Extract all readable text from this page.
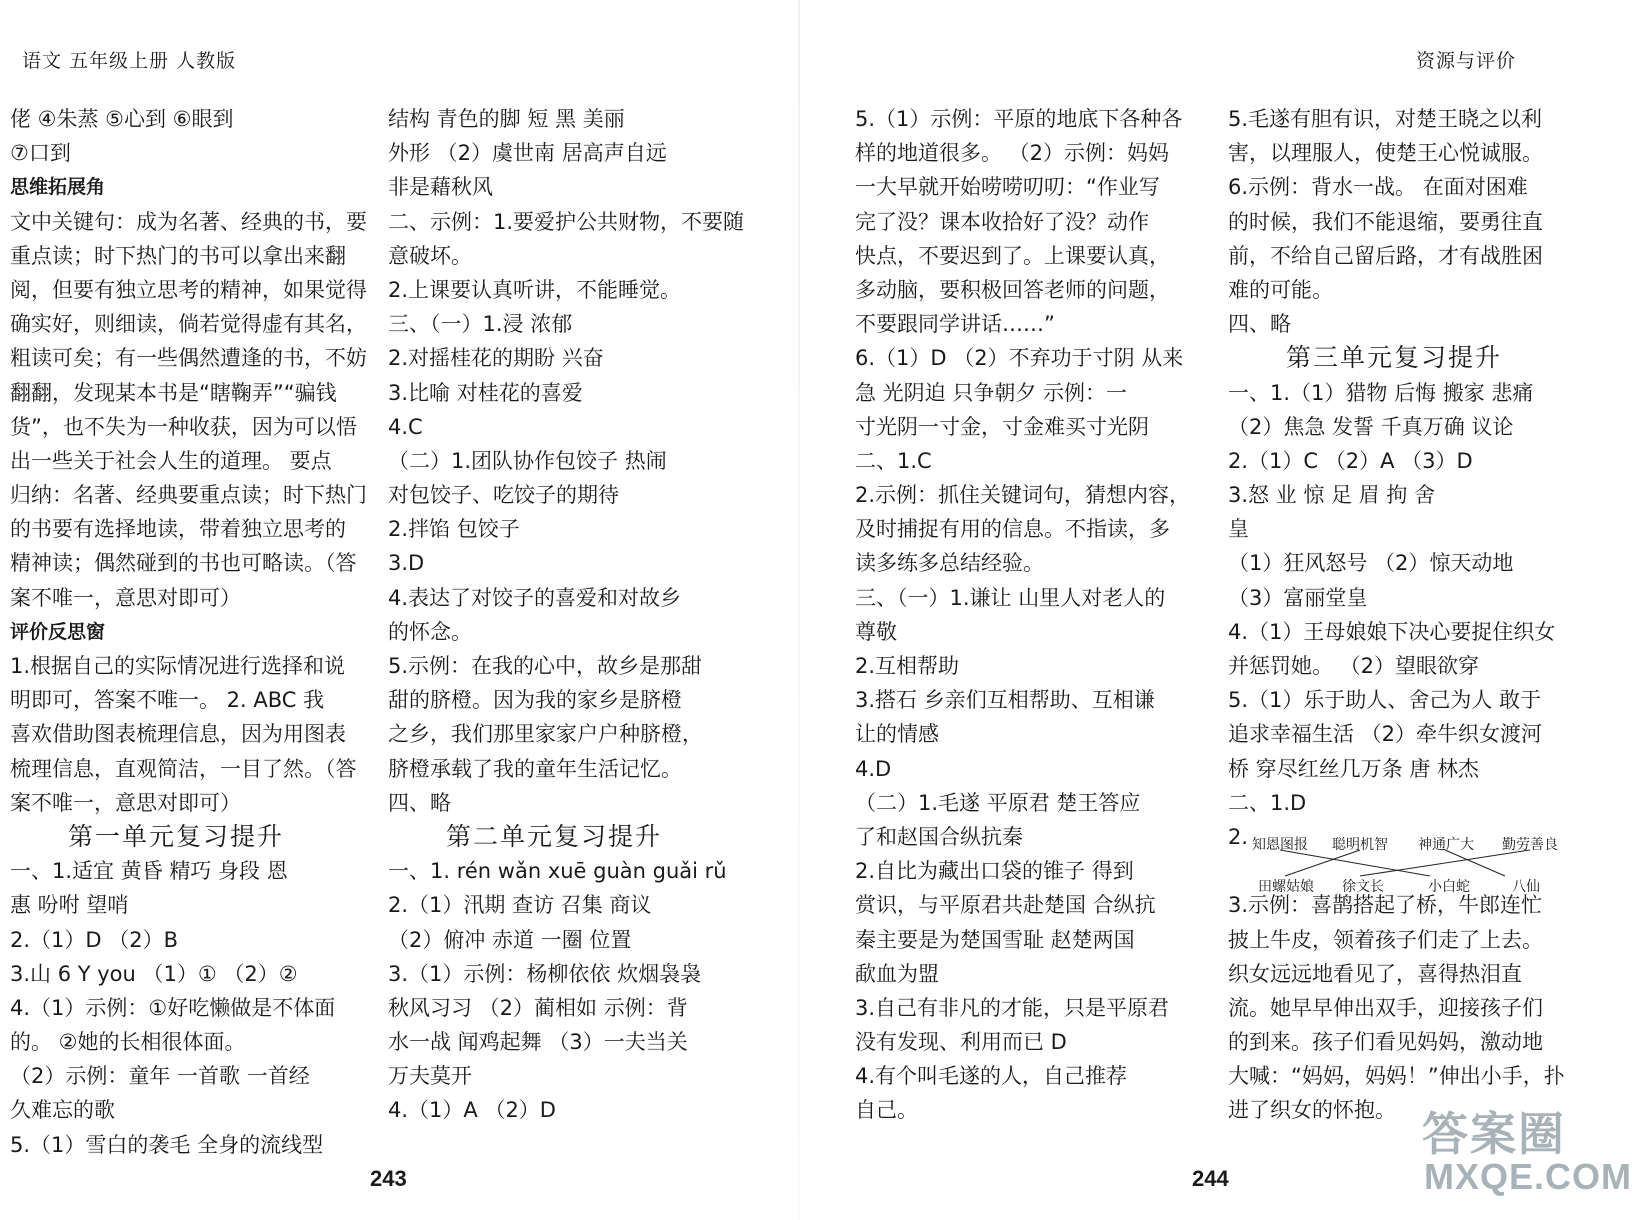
语文 五年级上册 人教版	资源与评价

佬 ④朱蒸 ⑤心到 ⑥眼到

⑦口到

思维拓展角

文中关键句：成为名著、经典的书，要

重点读；时下热门的书可以拿出来翻

阅，但要有独立思考的精神，如果觉得

确实好，则细读，倘若觉得虚有其名，

粗读可矣；有一些偶然遭逢的书，不妨

翻翻，发现某本书是“瞎鞠弄”“骗钱

货”，也不失为一种收获，因为可以悟

出一些关于社会人生的道理。 要点

归纳：名著、经典要重点读；时下热门

的书要有选择地读，带着独立思考的

精神读；偶然碰到的书也可略读。（答

案不唯一，意思对即可）

评价反思窗

1.根据自己的实际情况进行选择和说

明即可，答案不唯一。 2. ABC 我

喜欢借助图表梳理信息，因为用图表

梳理信息，直观简洁，一目了然。（答

案不唯一，意思对即可）

第一单元复习提升

一、1.适宜 黄昏 精巧 身段 恩

惠 吩咐 望哨

2.（1）D （2）B

3.山 6 Y you （1）① （2）②

4.（1）示例：①好吃懒做是不体面

的。 ②她的长相很体面。

（2）示例：童年 一首歌 一首经

久难忘的歌

5.（1）雪白的袭毛 全身的流线型

结构 青色的脚 短 黑 美丽

外形 （2）虞世南 居高声自远

非是藉秋风

二、示例：1.要爱护公共财物，不要随

意破坏。

2.上课要认真听讲，不能睡觉。

三、（一）1.浸 浓郁

2.对摇桂花的期盼 兴奋

3.比喻 对桂花的喜爱

4.C

（二）1.团队协作包饺子 热闹

对包饺子、吃饺子的期待

2.拌馅 包饺子

3.D

4.表达了对饺子的喜爱和对故乡

的怀念。

5.示例：在我的心中，故乡是那甜

甜的脐橙。因为我的家乡是脐橙

之乡，我们那里家家户户种脐橙，

脐橙承载了我的童年生活记忆。

四、略

第二单元复习提升

一、1. rén wǎn xuē guàn guǎi rǔ

2.（1）汛期 查访 召集 商议

（2）俯冲 赤道 一圈 位置

3.（1）示例：杨柳依依 炊烟袅袅

秋风习习 （2）蔺相如 示例：背

水一战 闻鸡起舞 （3）一夫当关

万夫莫开

4.（1）A （2）D

5.（1）示例：平原的地底下各种各

样的地道很多。 （2）示例：妈妈

一大早就开始唠唠叨叨：“作业写

完了没？课本收拾好了没？动作

快点，不要迟到了。上课要认真，

多动脑，要积极回答老师的问题，

不要跟同学讲话……”

6.（1）D （2）不弃功于寸阴 从来

急 光阴迫 只争朝夕 示例：一

寸光阴一寸金，寸金难买寸光阴

二、1.C

2.示例：抓住关键词句，猜想内容，

及时捕捉有用的信息。不指读，多

读多练多总结经验。

三、（一）1.谦让 山里人对老人的

尊敬

2.互相帮助

3.搭石 乡亲们互相帮助、互相谦

让的情感

4.D

（二）1.毛遂 平原君 楚王答应

了和赵国合纵抗秦

2.自比为藏出口袋的锥子 得到

赏识，与平原君共赴楚国 合纵抗

秦主要是为楚国雪耻 赵楚两国

歃血为盟

3.自己有非凡的才能，只是平原君

没有发现、利用而已 D

4.有个叫毛遂的人，自己推荐

自己。

5.毛遂有胆有识，对楚王晓之以利

害，以理服人，使楚王心悦诚服。

6.示例：背水一战。 在面对困难

的时候，我们不能退缩，要勇往直

前，不给自己留后路，才有战胜困

难的可能。

四、略

第三单元复习提升

一、1.（1）猎物 后悔 搬家 悲痛

（2）焦急 发誓 千真万确 议论

2.（1）C （2）A （3）D

3.怒 业 惊 足 眉 拘 舍

皇

（1）狂风怒号 （2）惊天动地

（3）富丽堂皇

4.（1）王母娘娘下决心要捉住织女

并惩罚她。 （2）望眼欲穿

5.（1）乐于助人、舍己为人 敢于

追求幸福生活 （2）牵牛织女渡河

桥 穿尽红丝几万条 唐 林杰

二、1.D

2.

3.示例：喜鹊搭起了桥，牛郎连忙

披上牛皮，领着孩子们走了上去。

织女远远地看见了，喜得热泪直

流。她早早伸出双手，迎接孩子们

的到来。孩子们看见妈妈，激动地

大喊：“妈妈，妈妈！”伸出小手，扑

进了织女的怀抱。

知恩图报 聪明机智 神通广大 勤劳善良
田螺姑娘 徐文长	小白蛇	八仙
243	244
答案圈
MXQE.COM
